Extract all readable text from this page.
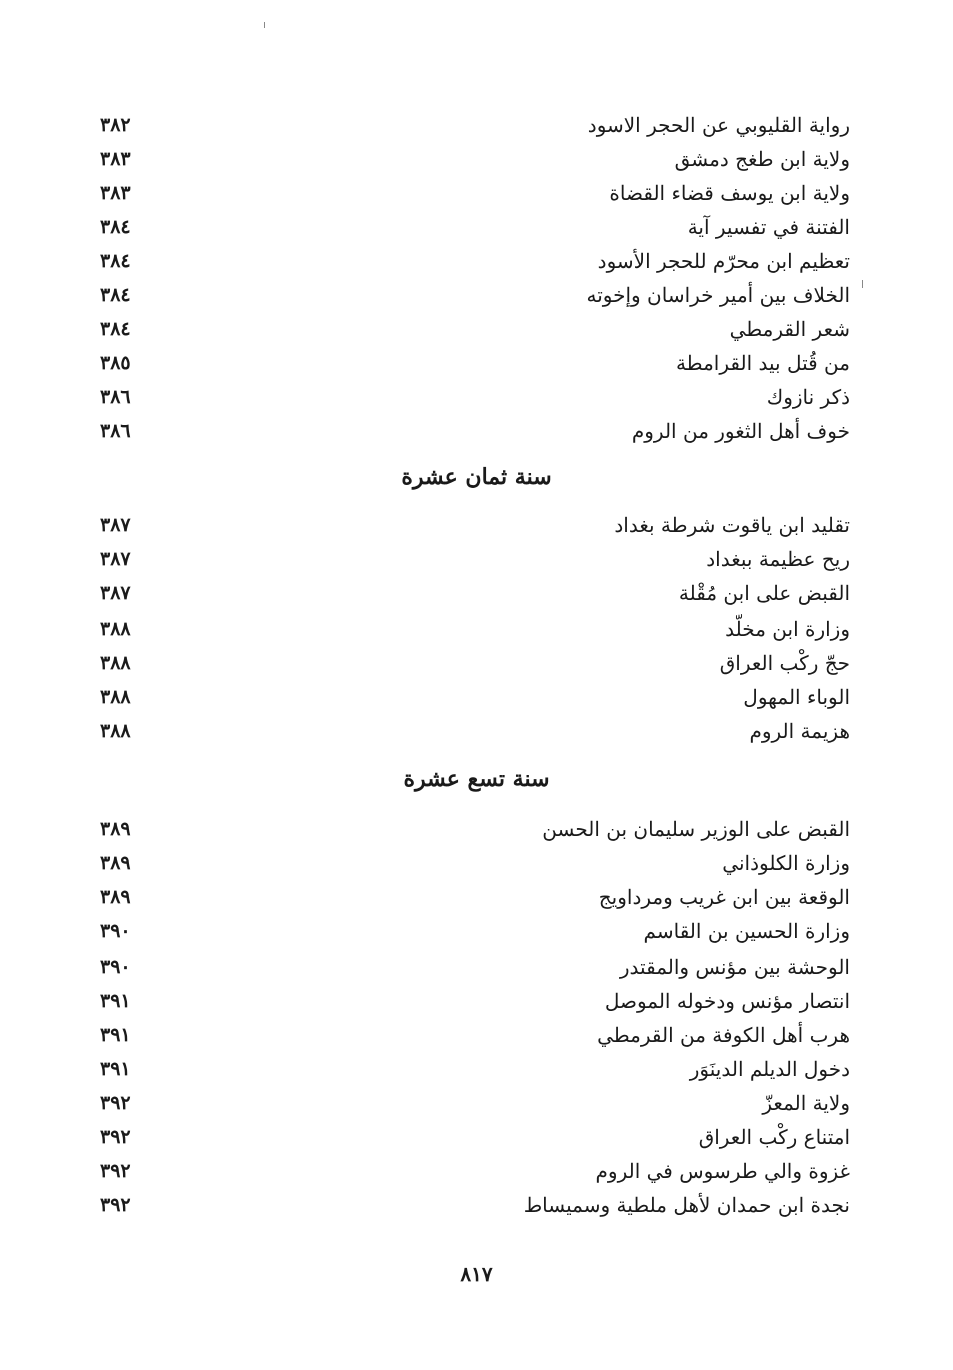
رواية القليوبي عن الحجر الاسود
٣٨٢
ولاية ابن طغج دمشق
٣٨٣
ولاية ابن يوسف قضاء القضاة
٣٨٣
الفتنة في تفسير آية
٣٨٤
تعظيم ابن محرّم للحجر الأسود
٣٨٤
الخلاف بين أمير خراسان وإخوته
٣٨٤
شعر القرمطي
٣٨٤
من قُتل بيد القرامطة
٣٨٥
ذكر نازوك
٣٨٦
خوف أهل الثغور من الروم
٣٨٦
سنة ثمان عشرة
تقليد ابن ياقوت شرطة بغداد
٣٨٧
ريح عظيمة ببغداد
٣٨٧
القبض على ابن مُقْلة
٣٨٧
وزارة ابن مخلّد
٣٨٨
حجّ ركْب العراق
٣٨٨
الوباء المهول
٣٨٨
هزيمة الروم
٣٨٨
سنة تسع عشرة
القبض على الوزير سليمان بن الحسن
٣٨٩
وزارة الكلوذاني
٣٨٩
الوقعة بين ابن غريب ومرداويج
٣٨٩
وزارة الحسين بن القاسم
٣٩٠
الوحشة بين مؤنس والمقتدر
٣٩٠
انتصار مؤنس ودخوله الموصل
٣٩١
هرب أهل الكوفة من القرمطي
٣٩١
دخول الديلم الدينَوَر
٣٩١
ولاية المعزّ
٣٩٢
امتناع ركْب العراق
٣٩٢
غزوة والي طرسوس في الروم
٣٩٢
نجدة ابن حمدان لأهل ملطية وسميساط
٣٩٢
٨١٧
